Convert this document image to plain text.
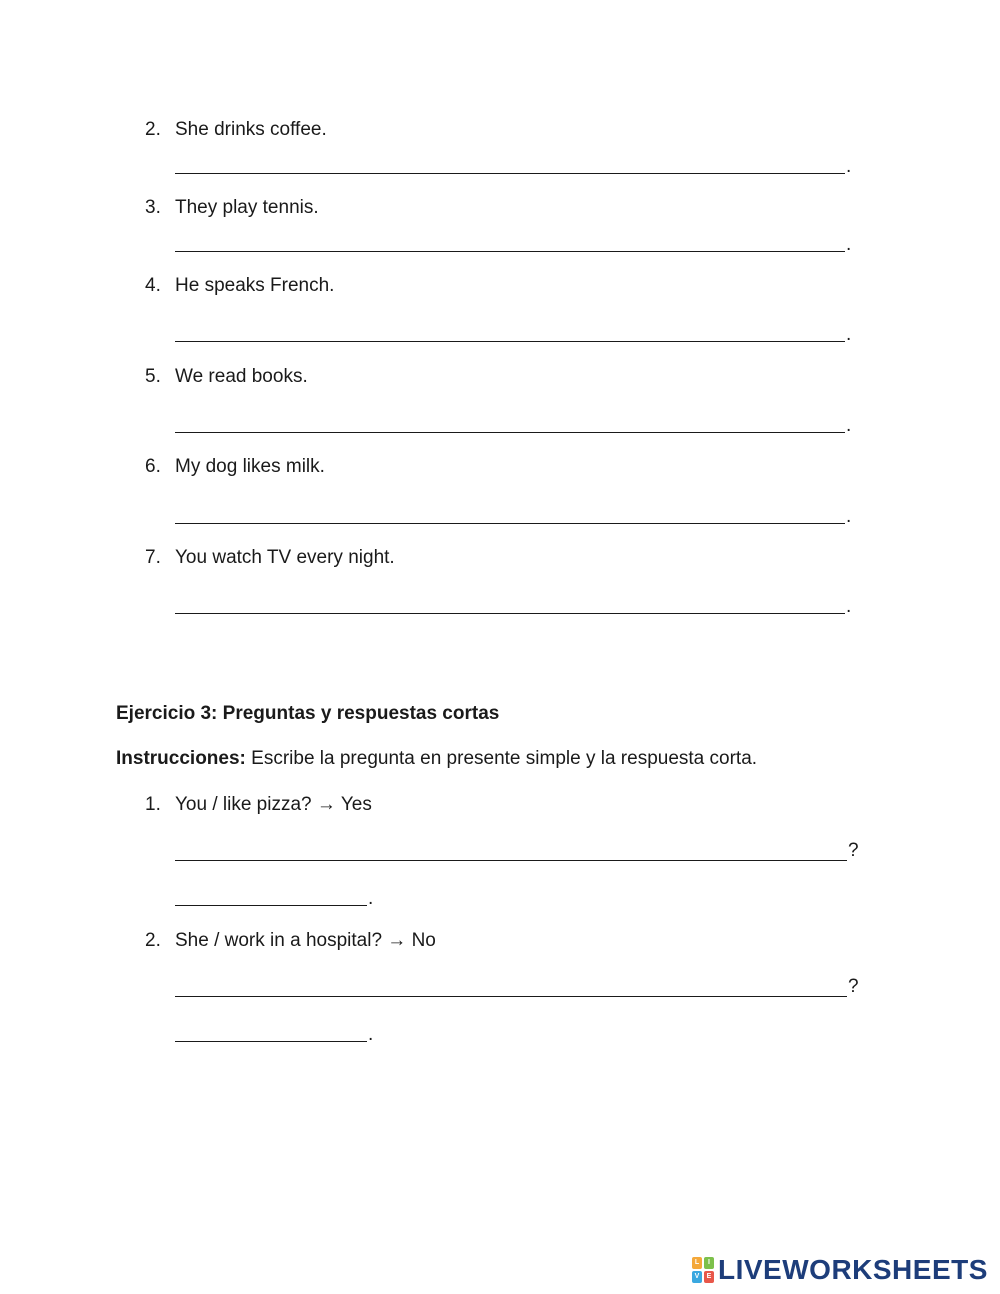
2. She drinks coffee.
.
3. They play tennis.
.
4. He speaks French.
.
5. We read books.
.
6. My dog likes milk.
.
7. You watch TV every night.
.
Ejercicio 3: Preguntas y respuestas cortas
Instrucciones: Escribe la pregunta en presente simple y la respuesta corta.
1. You / like pizza? → Yes
?
.
2. She / work in a hospital? → No
?
.
L	I
V	E LIVEWORKSHEETS
